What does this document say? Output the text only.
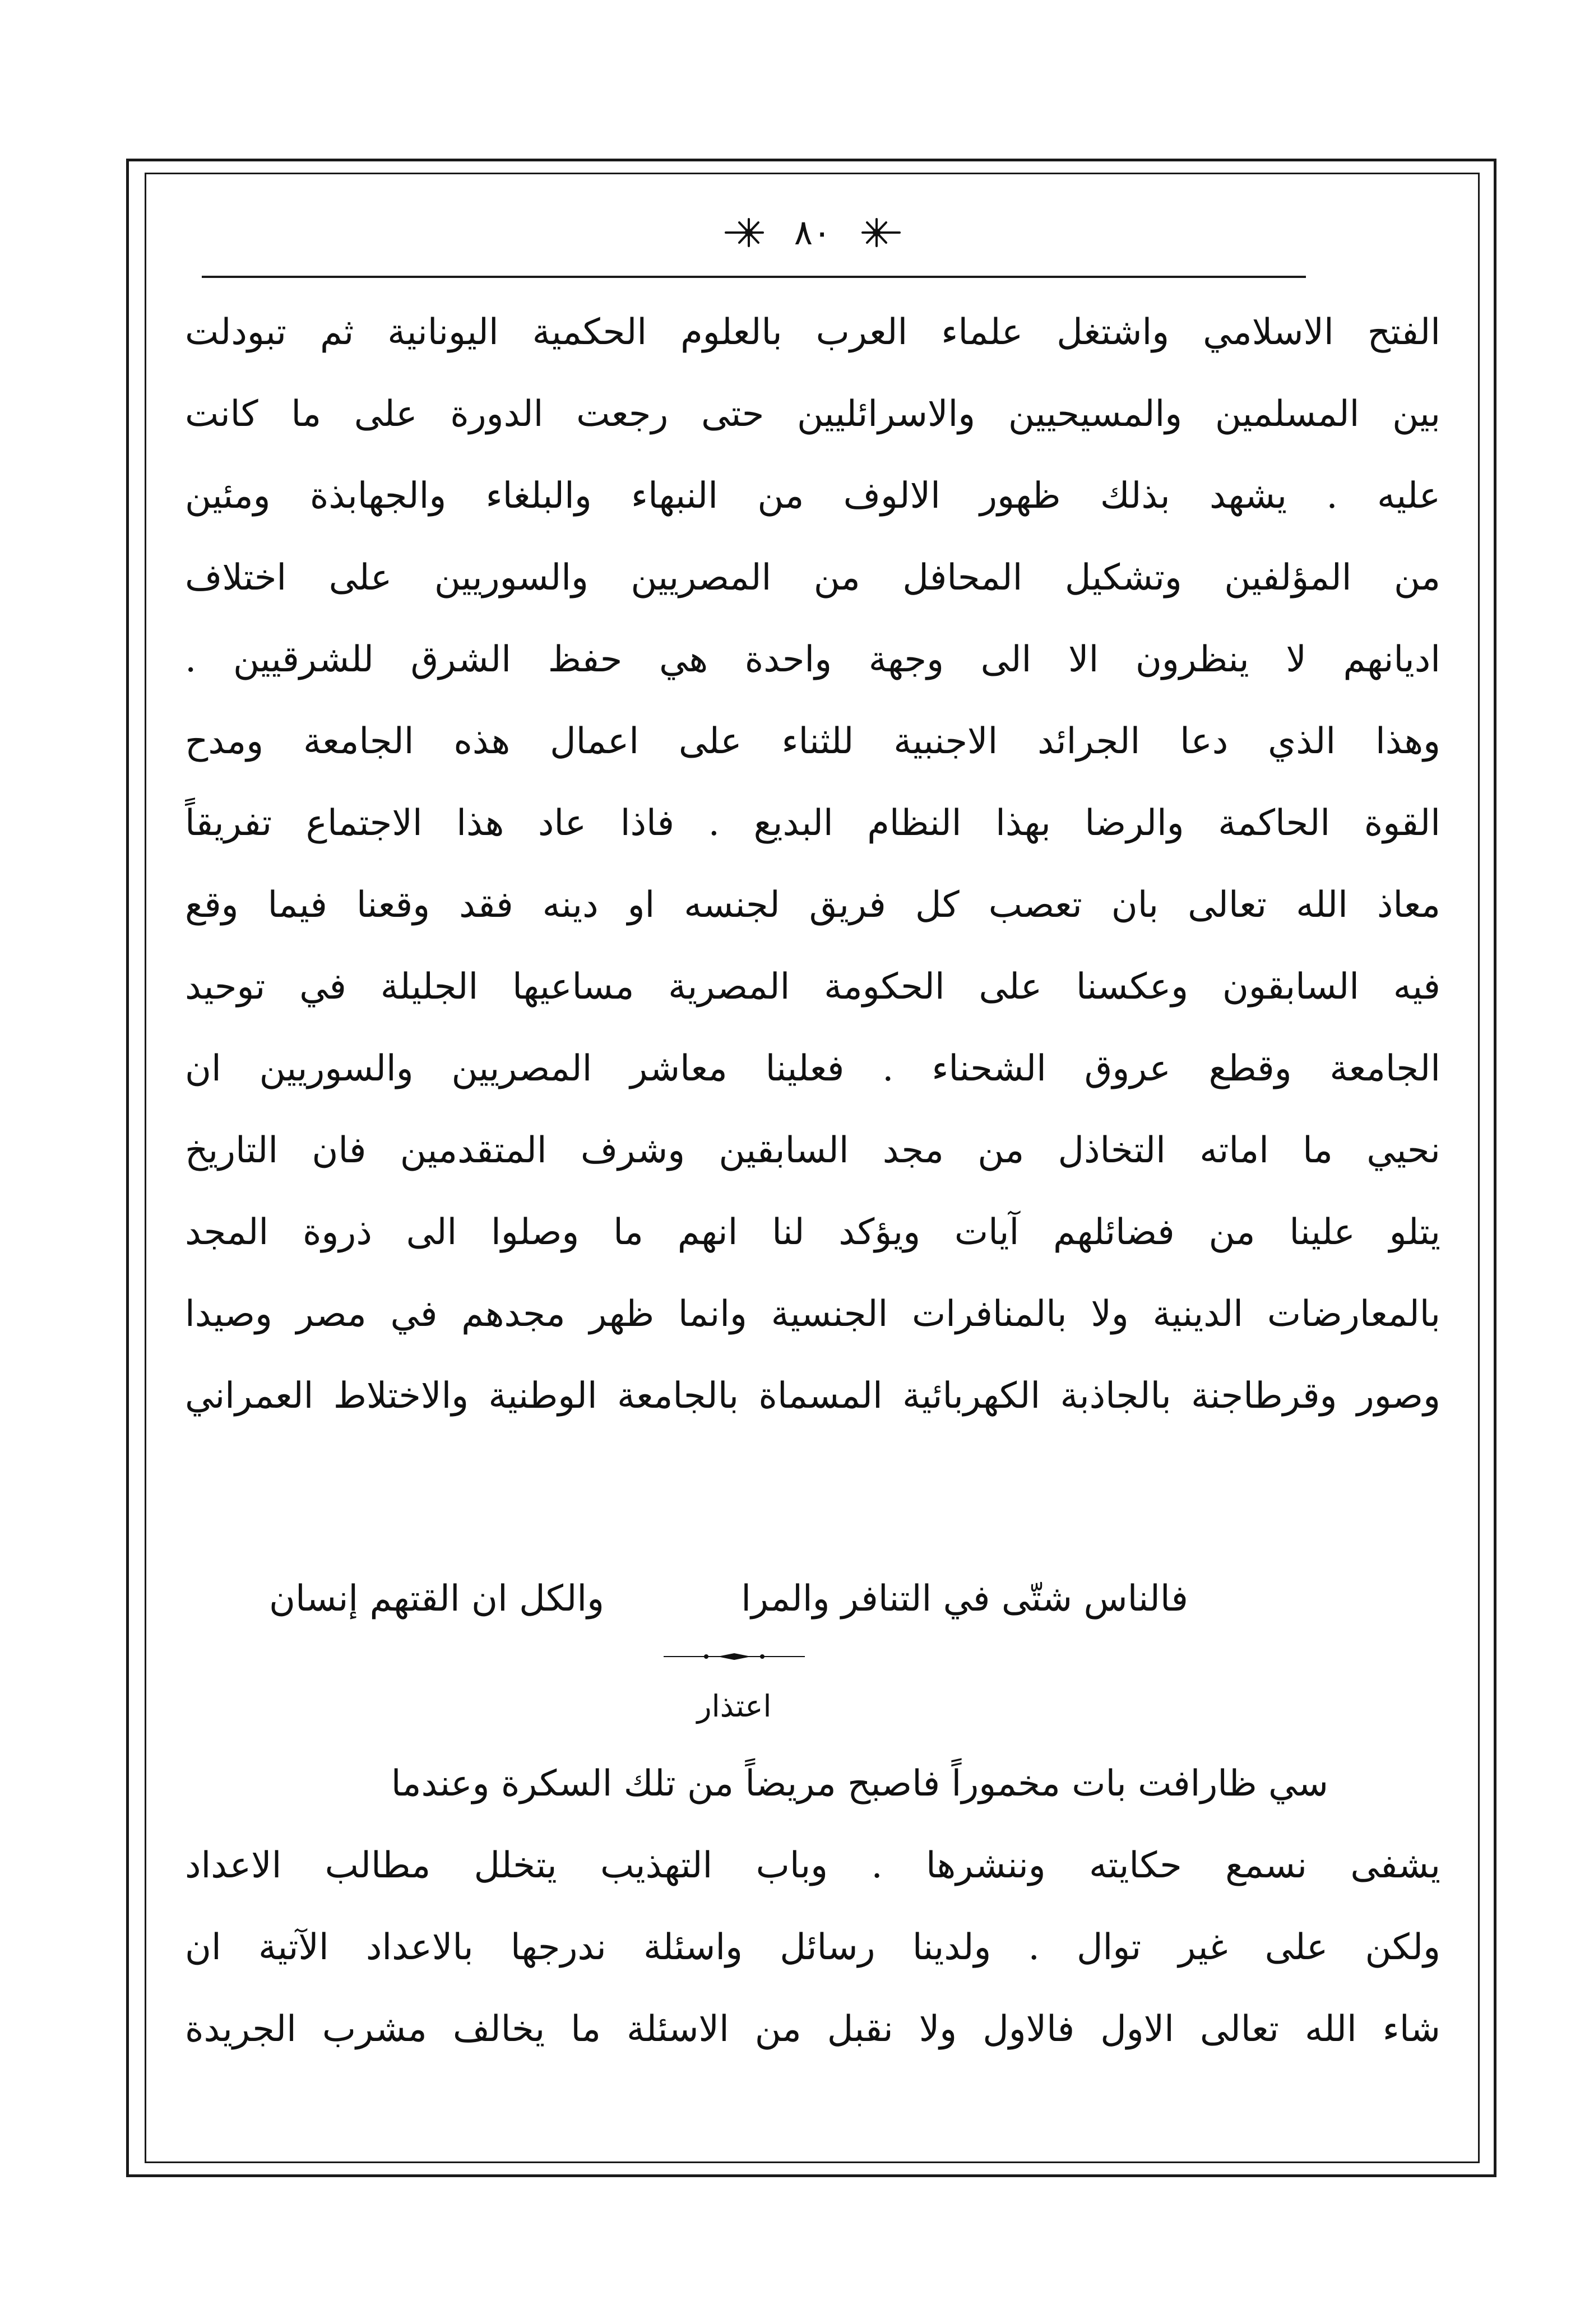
۸۰
الفتح الاسلامي واشتغل علماء العرب بالعلوم الحكمية اليونانية ثم تبودلت
بين المسلمين والمسيحيين والاسرائليين حتى رجعت الدورة على ما كانت
عليه . يشهد بذلك ظهور الالوف من النبهاء والبلغاء والجهابذة ومئين
من المؤلفين وتشكيل المحافل من المصريين والسوريين على اختلاف
اديانهم لا ينظرون الا الى وجهة واحدة هي حفظ الشرق للشرقيين .
وهذا الذي دعا الجرائد الاجنبية للثناء على اعمال هذه الجامعة ومدح
القوة الحاكمة والرضا بهذا النظام البديع . فاذا عاد هذا الاجتماع تفريقاً
معاذ الله تعالى بان تعصب كل فريق لجنسه او دينه فقد وقعنا فيما وقع
فيه السابقون وعكسنا على الحكومة المصرية مساعيها الجليلة في توحيد
الجامعة وقطع عروق الشحناء . فعلينا معاشر المصريين والسوريين ان
نحيي ما اماته التخاذل من مجد السابقين وشرف المتقدمين فان التاريخ
يتلو علينا من فضائلهم آيات ويؤكد لنا انهم ما وصلوا الى ذروة المجد
بالمعارضات الدينية ولا بالمنافرات الجنسية وانما ظهر مجدهم في مصر وصيدا
وصور وقرطاجنة بالجاذبة الكهربائية المسماة بالجامعة الوطنية والاختلاط العمراني
فالناس شتّى في التنافر والمرا
والكل ان القتهم إنسان
اعتذار
سي ظارافت بات مخموراً فاصبح مريضاً من تلك السكرة وعندما
يشفى نسمع حكايته وننشرها . وباب التهذيب يتخلل مطالب الاعداد
ولكن على غير توال . ولدينا رسائل واسئلة ندرجها بالاعداد الآتية ان
شاء الله تعالى الاول فالاول ولا نقبل من الاسئلة ما يخالف مشرب الجريدة
